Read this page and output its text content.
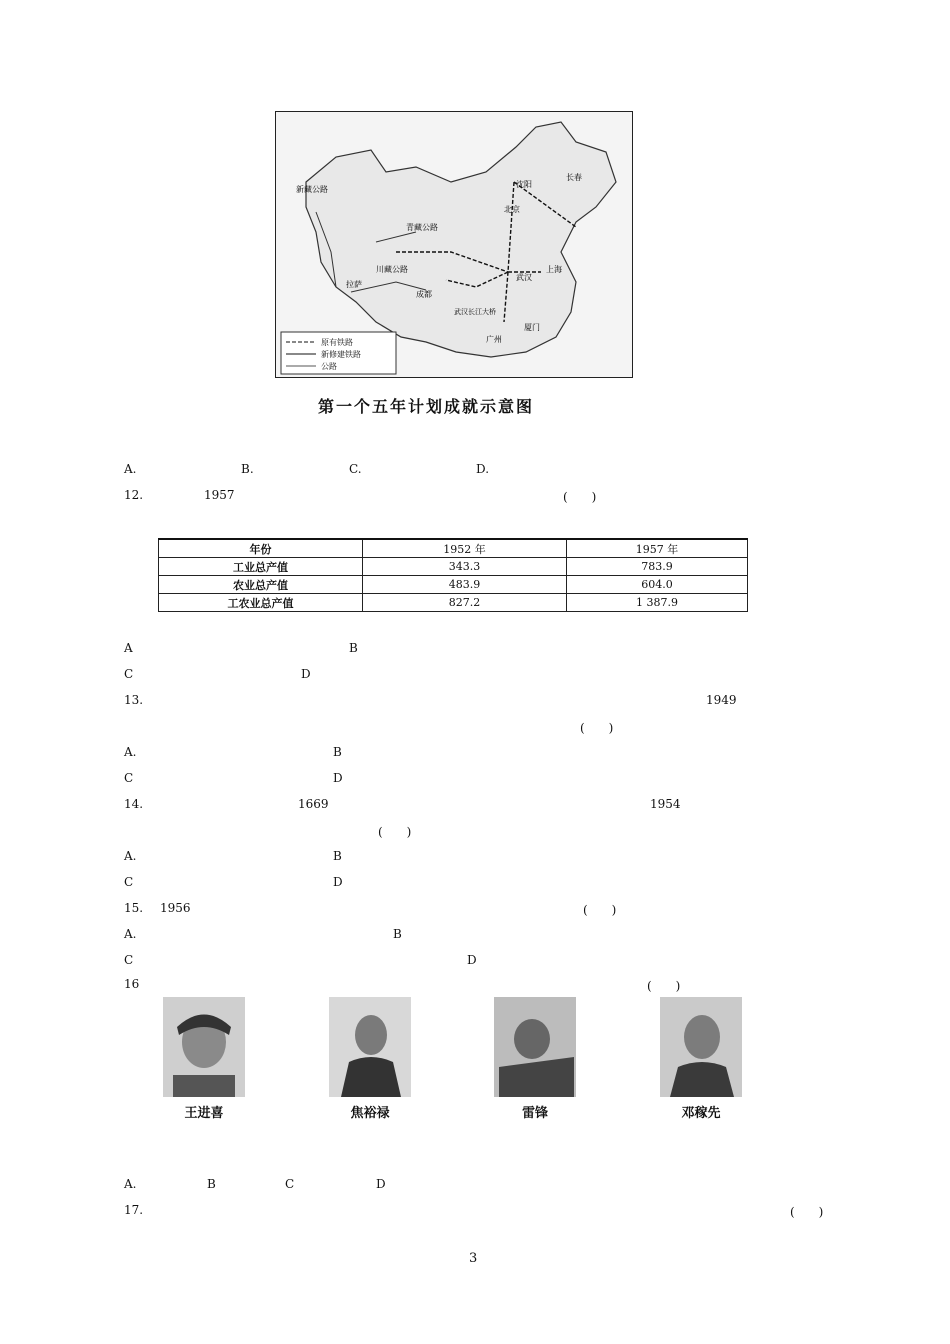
原有铁路
新修建铁路
公路
沈阳
长春
北京
武汉
上海
广州
厦门
拉萨
成都
川藏公路
青藏公路
新藏公路
武汉长江大桥
第一个五年计划成就示意图
A.	B.	C.	D.
12.	1957	(　　)
年份	1952 年	1957 年
工业总产值	343.3	783.9
农业总产值	483.9	604.0
工农业总产值	827.2	1 387.9
A	B
C	D
13.	1949
(　　)
A.	B
C	D
14.	1669	1954
(　　)
A.	B
C	D
15. 1956	(　　)
A.	B
C	D
16	(　　)
王进喜	焦裕禄	雷锋	邓稼先
A.	B	C	D
17.	(　　)
3
